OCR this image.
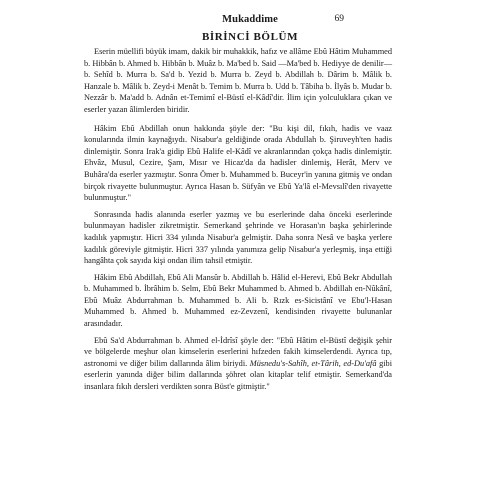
Mukaddime	69
BİRİNCİ BÖLÜM

Eserin müellifi büyük imam, dakik bir muhakkik, hafız ve allâme Ebû Hâtim Muhammed b. Hibbân b. Ahmed b. Hibbân b. Muâz b. Ma'bed b. Said —Ma'bed b. Hediyye de denilir— b. Sehîd b. Murra b. Sa'd b. Yezid b. Murra b. Zeyd b. Abdillah b. Dârim b. Mâlik b. Hanzale b. Mâlik b. Zeyd-i Menât b. Temim b. Murra b. Udd b. Tâbiha b. İlyâs b. Mudar b. Nezzâr b. Ma'add b. Adnân et-Temimî el-Büstî el-Kâdî'dir. İlim için yolculuklara çıkan ve eserler yazan âlimlerden biridir.

Hâkim Ebû Abdillah onun hakkında şöyle der: "Bu kişi dil, fıkıh, hadis ve vaaz konularında ilmin kaynağıydı. Nisabur'a geldiğinde orada Abdullah b. Şiruveyh'ten hadis dinlemiştir. Sonra Irak'a gidip Ebû Halife el-Kâdî ve akranlarından çokça hadis dinlemiştir. Ehvâz, Musul, Cezire, Şam, Mısır ve Hicaz'da da hadisler dinlemiş, Herât, Merv ve Buhâra'da eserler yazmıştır. Sonra Ömer b. Muhammed b. Buceyr'in yanına gitmiş ve ondan birçok rivayette bulunmuştur. Ayrıca Hasan b. Süfyân ve Ebû Ya'lâ el-Mevsılî'den rivayette bulunmuştur."

Sonrasında hadis alanında eserler yazmış ve bu eserlerinde daha önceki eserlerinde bulunmayan hadisler zikretmiştir. Semerkand şehrinde ve Horasan'ın başka şehirlerinde kadılık yapmıştır. Hicri 334 yılında Nisabur'a gelmiştir. Daha sonra Nesâ ve başka yerlere kadılık göreviyle gitmiştir. Hicri 337 yılında yanımıza gelip Nisabur'a yerleşmiş, inşa ettiği hangâhta çok sayıda kişi ondan ilim tahsil etmiştir.

Hâkim Ebû Abdillah, Ebû Ali Mansûr b. Abdillah b. Hâlid el-Herevi, Ebû Bekr Abdullah b. Muhammed b. İbrâhim b. Selm, Ebû Bekr Muhammed b. Ahmed b. Abdillah en-Nûkânî, Ebû Muâz Abdurrahman b. Muhammed b. Ali b. Rızk es-Sicistânî ve Ebu'l-Hasan Muhammed b. Ahmed b. Muhammed ez-Zevzenî, kendisinden rivayette bulunanlar arasındadır.

Ebû Sa'd Abdurrahman b. Ahmed el-İdrîsî şöyle der: "Ebû Hâtim el-Büstî değişik şehir ve bölgelerde meşhur olan kimselerin eserlerini hıfzeden fakih kimselerdendi. Ayrıca tıp, astronomi ve diğer bilim dallarında âlim biriydi. Müsnedu's-Sahîh, et-Târih, ed-Du'afâ gibi eserlerin yanında diğer bilim dallarında şöhret olan kitaplar telif etmiştir. Semerkand'da insanlara fıkıh dersleri verdikten sonra Büst'e gitmiştir."
